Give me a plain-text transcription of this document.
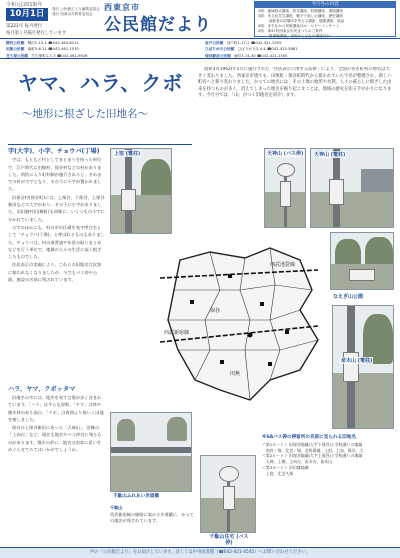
令和元(2019)年
10月1日
第221号 毎月発行
発行 公民館だより編集委員会
発行 西東京市教育委員会
西東京市
公民館だより
今月号の内容
2面：地域的活講座、防災講座、料理講座、環境講座
3面：多文化共生講座、親子で楽しむ講座、歴史講座
　　　高齢者の居場所を考える講座、健康講座　談話
4面：まちなか公民館講座ほか・ロビーコンサート
5面：第37回西東京市民まつりのご案内
　　　図書館講座、市内のこどもの講座ほか
毎月第１号隔月発行しています
柳沢公民館 柳沢1-15-1 ☎042-464-8211
田無公民館 南町5-6-11 ☎042-461-1570
芝久保公民館 芝久保町1-7-3 ☎042-461-9926
谷戸公民館 谷戸町1-17-2 ☎042-421-3355
ひばりが丘公民館 ひばりが丘3-4-4 ☎042-425-5881
保谷駅前公民館 東町3-14-30 ☎042-421-1505
ヤマ、ハラ、クボ
～地形に根ざした旧地名～
昭和37(1962)年5月に施行された「住居表示に関する法律」により、全国の各市町村の地名は大きく変わりました。西東京市域でも、田無町・保谷町時代から使われていた字名が整理され、新しい町名へと移り変わりました。かつての地名には、その土地の地形や水利、人々の暮らしに根ざした由来を持つものが多く、消えてしまった地名を掘り起こすことは、地域の歴史を知る手がかりになります。今月号では、「山」がつく旧地名を紹介します。
字(大字)、小字、チョウバ(丁場)

字は、もともと村としてまとまりを持った単位で、江戸時代に田無村、保谷村などの村がありました。明治に入り町村制が施行されると、それまでの村が大字となり、その下に小字が置かれました。

旧保谷村(保谷町)には、上保谷、下保谷、上保谷新田などの大字があり、その下に小字がありました。旧田無村(田無町)も同様に、いくつもの小字に分かれていました。

小字のほかにも、村の中の区域を表す呼び名として「チョウバ(丁場)」と呼ばれるものもありました。チョウバは、村の道普請や年貢の取りまとめなどを行う単位で、地域の人々の生活に深く根ざしたものでした。

住居表示の実施により、これらの旧地名は次第に使われなくなりましたが、今でもバス停や公園、施設の名前に残されています。

ハラ、ヤマ、クボッタマ

旧地名の中には、地形を表す言葉が多く含まれています。「ハラ」は平らな原野、「ヤマ」は林や雑木林のある高台、「クボ」は周囲より低いくぼ地を指しました。

保谷の上保谷新田にあった「天神山」、田無の「上向台」など、現在も地名やバス停名に残るものがあります。散歩の折に、地名の由来に思いをめぐらせてみてはいかがでしょうか。

上宿 (電柱)	天神山 (バス停) 天神山 (電柱)
なえぎ山公園
苗木山 (電柱)
千駄山ふれあい歩道橋
千駄山
西武新宿線の線路に架かる歩道橋に、かつての地名が残されています。
千駄山住宅 (バス停)
西武池袋線
西武新宿線
保谷
田無
※6Aバス停の停留所の名前に見られる旧地名
＜第1ルート＞ 旧保谷地域(大字下保谷)と学校通りの地域
　南宮／堀、北宮／堀、北馬場通、上宿、上向、保谷、大
＜第2ルート＞ 旧保谷地域(大字上保谷)と学校通りの地域
　天神、上柳、上向台、苗木台、苗木山
＜第3ルート＞ 旧田無地域
　上宿、北芝久保
声の「公民館だより」をお届けしています。詳しくは中央図書館（☎042-421-4545）へお問い合わせください。
